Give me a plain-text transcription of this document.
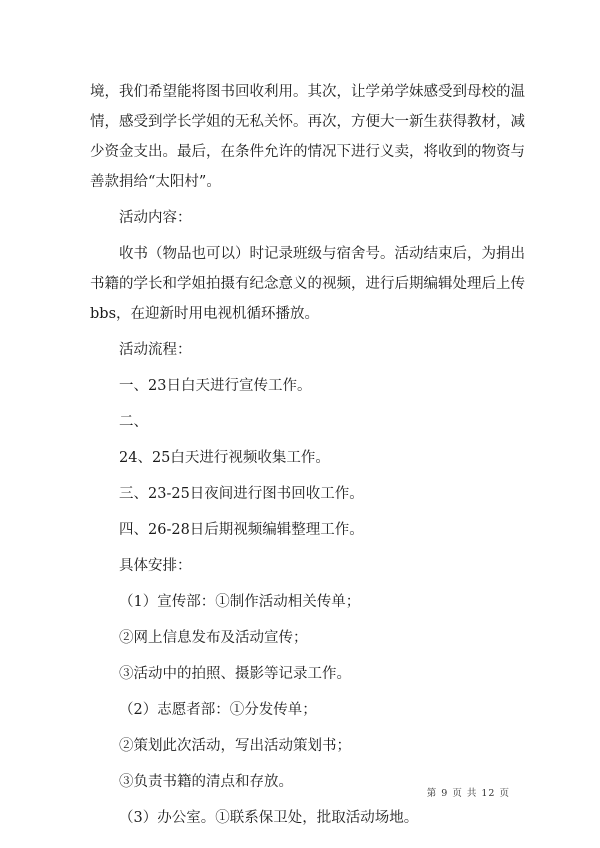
境，我们希望能将图书回收利用。其次，让学弟学妹感受到母校的温
情，感受到学长学姐的无私关怀。再次，方便大一新生获得教材，减
少资金支出。最后，在条件允许的情况下进行义卖，将收到的物资与
善款捐给“太阳村”。
活动内容：
收书（物品也可以）时记录班级与宿舍号。活动结束后，为捐出
书籍的学长和学姐拍摄有纪念意义的视频，进行后期编辑处理后上传
bbs，在迎新时用电视机循环播放。
活动流程：
一、23日白天进行宣传工作。
二、
24、25白天进行视频收集工作。
三、23-25日夜间进行图书回收工作。
四、26-28日后期视频编辑整理工作。
具体安排：
（1）宣传部：①制作活动相关传单；
②网上信息发布及活动宣传；
③活动中的拍照、摄影等记录工作。
（2）志愿者部：①分发传单；
②策划此次活动，写出活动策划书；
③负责书籍的清点和存放。
（3）办公室。①联系保卫处，批取活动场地。
第 9 页 共 12 页
